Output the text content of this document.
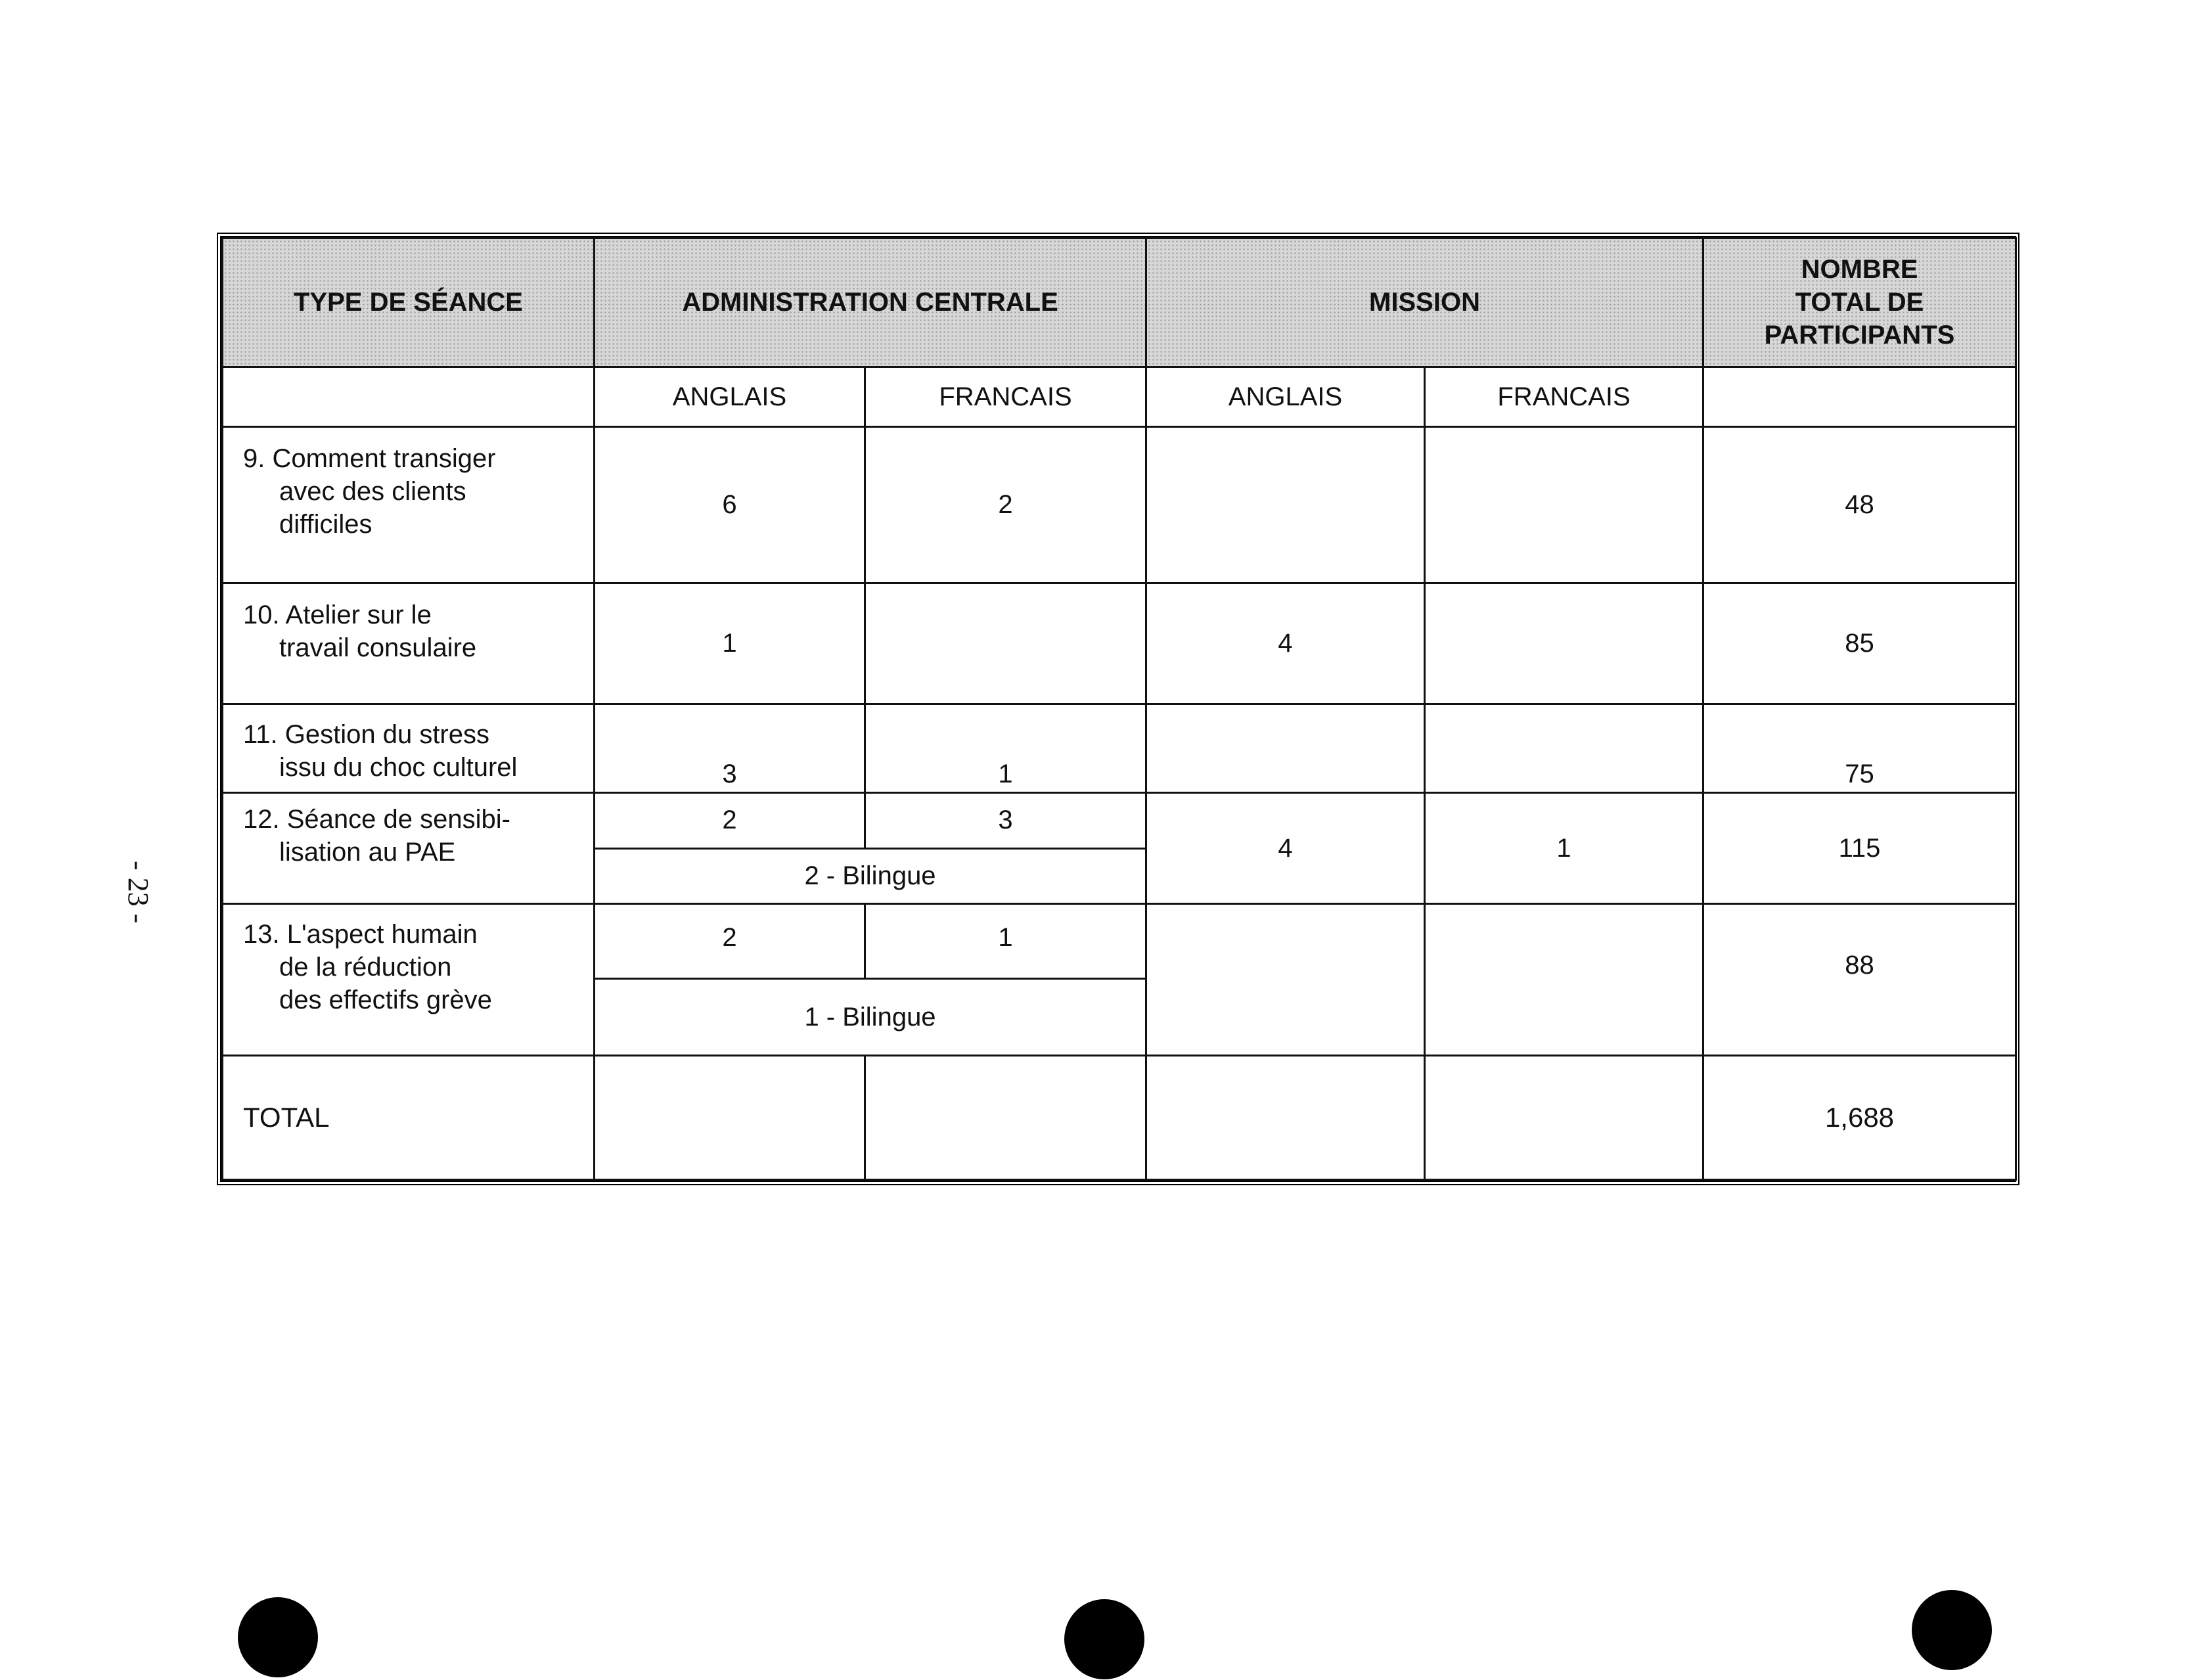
- 23 -
TYPE DE SÉANCE	ADMINISTRATION CENTRALE		MISSION		NOMBRE
TOTAL DE
PARTICIPANTS
	ANGLAIS	FRANCAIS	ANGLAIS	FRANCAIS	
9. Comment transiger
avec des clients
difficiles	6	2			48
10. Atelier sur le
travail consulaire	1		4		85
11. Gestion du stress
issu du choc culturel	3	1			75
12. Séance de sensibi-
lisation au PAE	2	3	4	1	115
	2 - Bilingue				
13. L'aspect humain
de la réduction
des effectifs grève	2	1			88
	1 - Bilingue				
TOTAL					1,688
